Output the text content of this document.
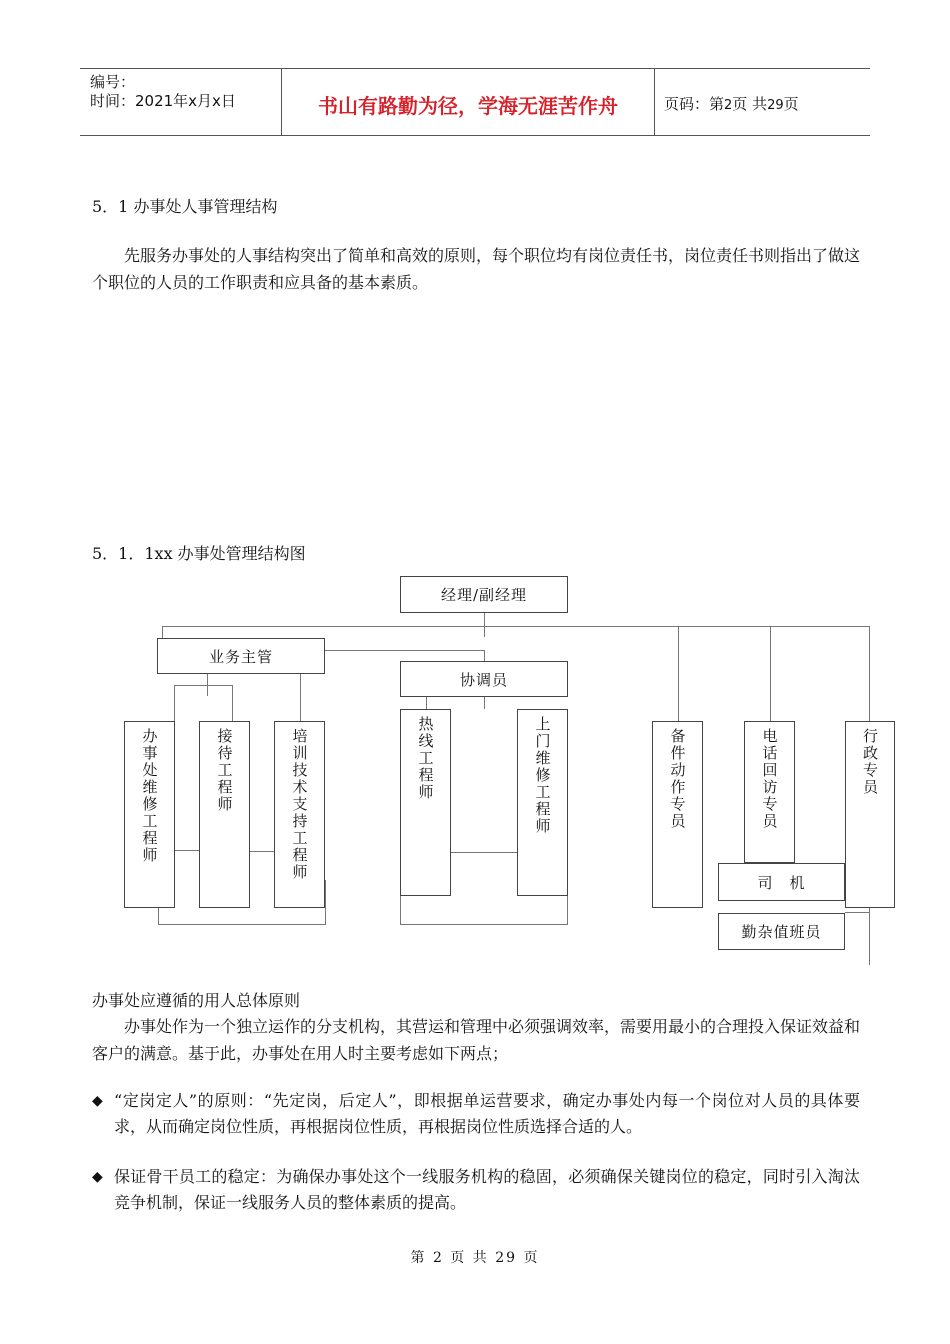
编号：
时间：2021年x月x日	书山有路勤为径，学海无涯苦作舟	页码：第2页 共29页
5．1 办事处人事管理结构
先服务办事处的人事结构突出了简单和高效的原则，每个职位均有岗位责任书，岗位责任书则指出了做这个职位的人员的工作职责和应具备的基本素质。
5．1．1xx 办事处管理结构图
经理/副经理
业务主管
协调员
办事处维修工程师	接待工程师	培训技术支持工程师	热线工程师	上门维修工程师	备件动作专员	电话回访专员	行政专员
司　机
勤杂值班员
办事处应遵循的用人总体原则
办事处作为一个独立运作的分支机构，其营运和管理中必须强调效率，需要用最小的合理投入保证效益和客户的满意。基于此，办事处在用人时主要考虑如下两点；
◆ “定岗定人”的原则：“先定岗，后定人”，即根据单运营要求，确定办事处内每一个岗位对人员的具体要求，从而确定岗位性质，再根据岗位性质，再根据岗位性质选择合适的人。
◆ 保证骨干员工的稳定：为确保办事处这个一线服务机构的稳固，必须确保关键岗位的稳定，同时引入淘汰竞争机制，保证一线服务人员的整体素质的提高。
第 2 页 共 29 页
